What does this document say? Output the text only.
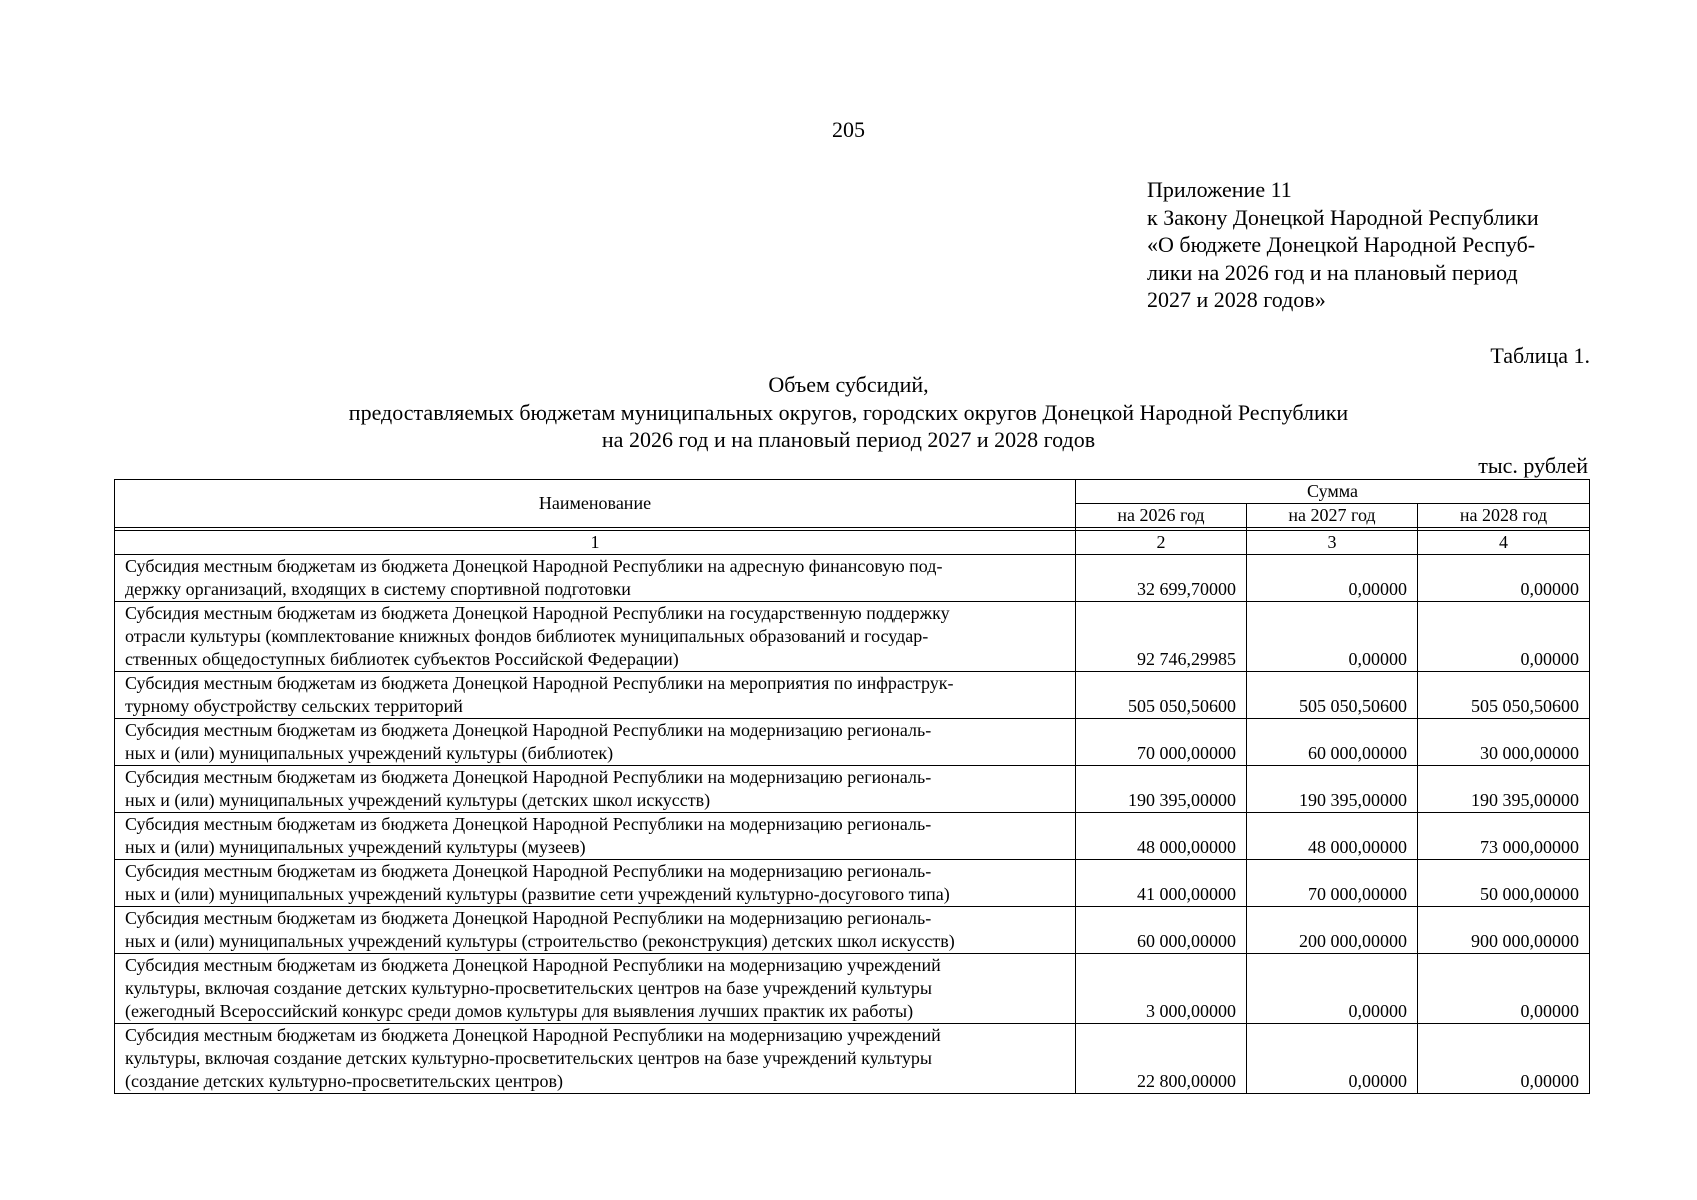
205
Приложение 11
к Закону Донецкой Народной Республики
«О бюджете Донецкой Народной Респуб-
лики на 2026 год и на плановый период
2027 и 2028 годов»
Таблица 1.
Объем субсидий,
предоставляемых бюджетам муниципальных округов, городских округов Донецкой Народной Республики
на 2026 год и на плановый период 2027 и 2028 годов
тыс. рублей
Наименование	Сумма		
	на 2026 год	на 2027 год	на 2028 год

1	2	3	4

Субсидия местным бюджетам из бюджета Донецкой Народной Республики на адресную финансовую под-
держку организаций, входящих в систему спортивной подготовки	32 699,70000	0,00000	0,00000

Субсидия местным бюджетам из бюджета Донецкой Народной Республики на государственную поддержку
отрасли культуры (комплектование книжных фондов библиотек муниципальных образований и государ-
ственных общедоступных библиотек субъектов Российской Федерации)	92 746,29985	0,00000	0,00000

Субсидия местным бюджетам из бюджета Донецкой Народной Республики на мероприятия по инфраструк-
турному обустройству сельских территорий	505 050,50600	505 050,50600	505 050,50600

Субсидия местным бюджетам из бюджета Донецкой Народной Республики на модернизацию региональ-
ных и (или) муниципальных учреждений культуры (библиотек)	70 000,00000	60 000,00000	30 000,00000

Субсидия местным бюджетам из бюджета Донецкой Народной Республики на модернизацию региональ-
ных и (или) муниципальных учреждений культуры (детских школ искусств)	190 395,00000	190 395,00000	190 395,00000

Субсидия местным бюджетам из бюджета Донецкой Народной Республики на модернизацию региональ-
ных и (или) муниципальных учреждений культуры (музеев)	48 000,00000	48 000,00000	73 000,00000

Субсидия местным бюджетам из бюджета Донецкой Народной Республики на модернизацию региональ-
ных и (или) муниципальных учреждений культуры (развитие сети учреждений культурно-досугового типа)	41 000,00000	70 000,00000	50 000,00000

Субсидия местным бюджетам из бюджета Донецкой Народной Республики на модернизацию региональ-
ных и (или) муниципальных учреждений культуры (строительство (реконструкция) детских школ искусств)	60 000,00000	200 000,00000	900 000,00000

Субсидия местным бюджетам из бюджета Донецкой Народной Республики на модернизацию учреждений
культуры, включая создание детских культурно-просветительских центров на базе учреждений культуры
(ежегодный Всероссийский конкурс среди домов культуры для выявления лучших практик их работы)	3 000,00000	0,00000	0,00000

Субсидия местным бюджетам из бюджета Донецкой Народной Республики на модернизацию учреждений
культуры, включая создание детских культурно-просветительских центров на базе учреждений культуры
(создание детских культурно-просветительских центров)	22 800,00000	0,00000	0,00000
